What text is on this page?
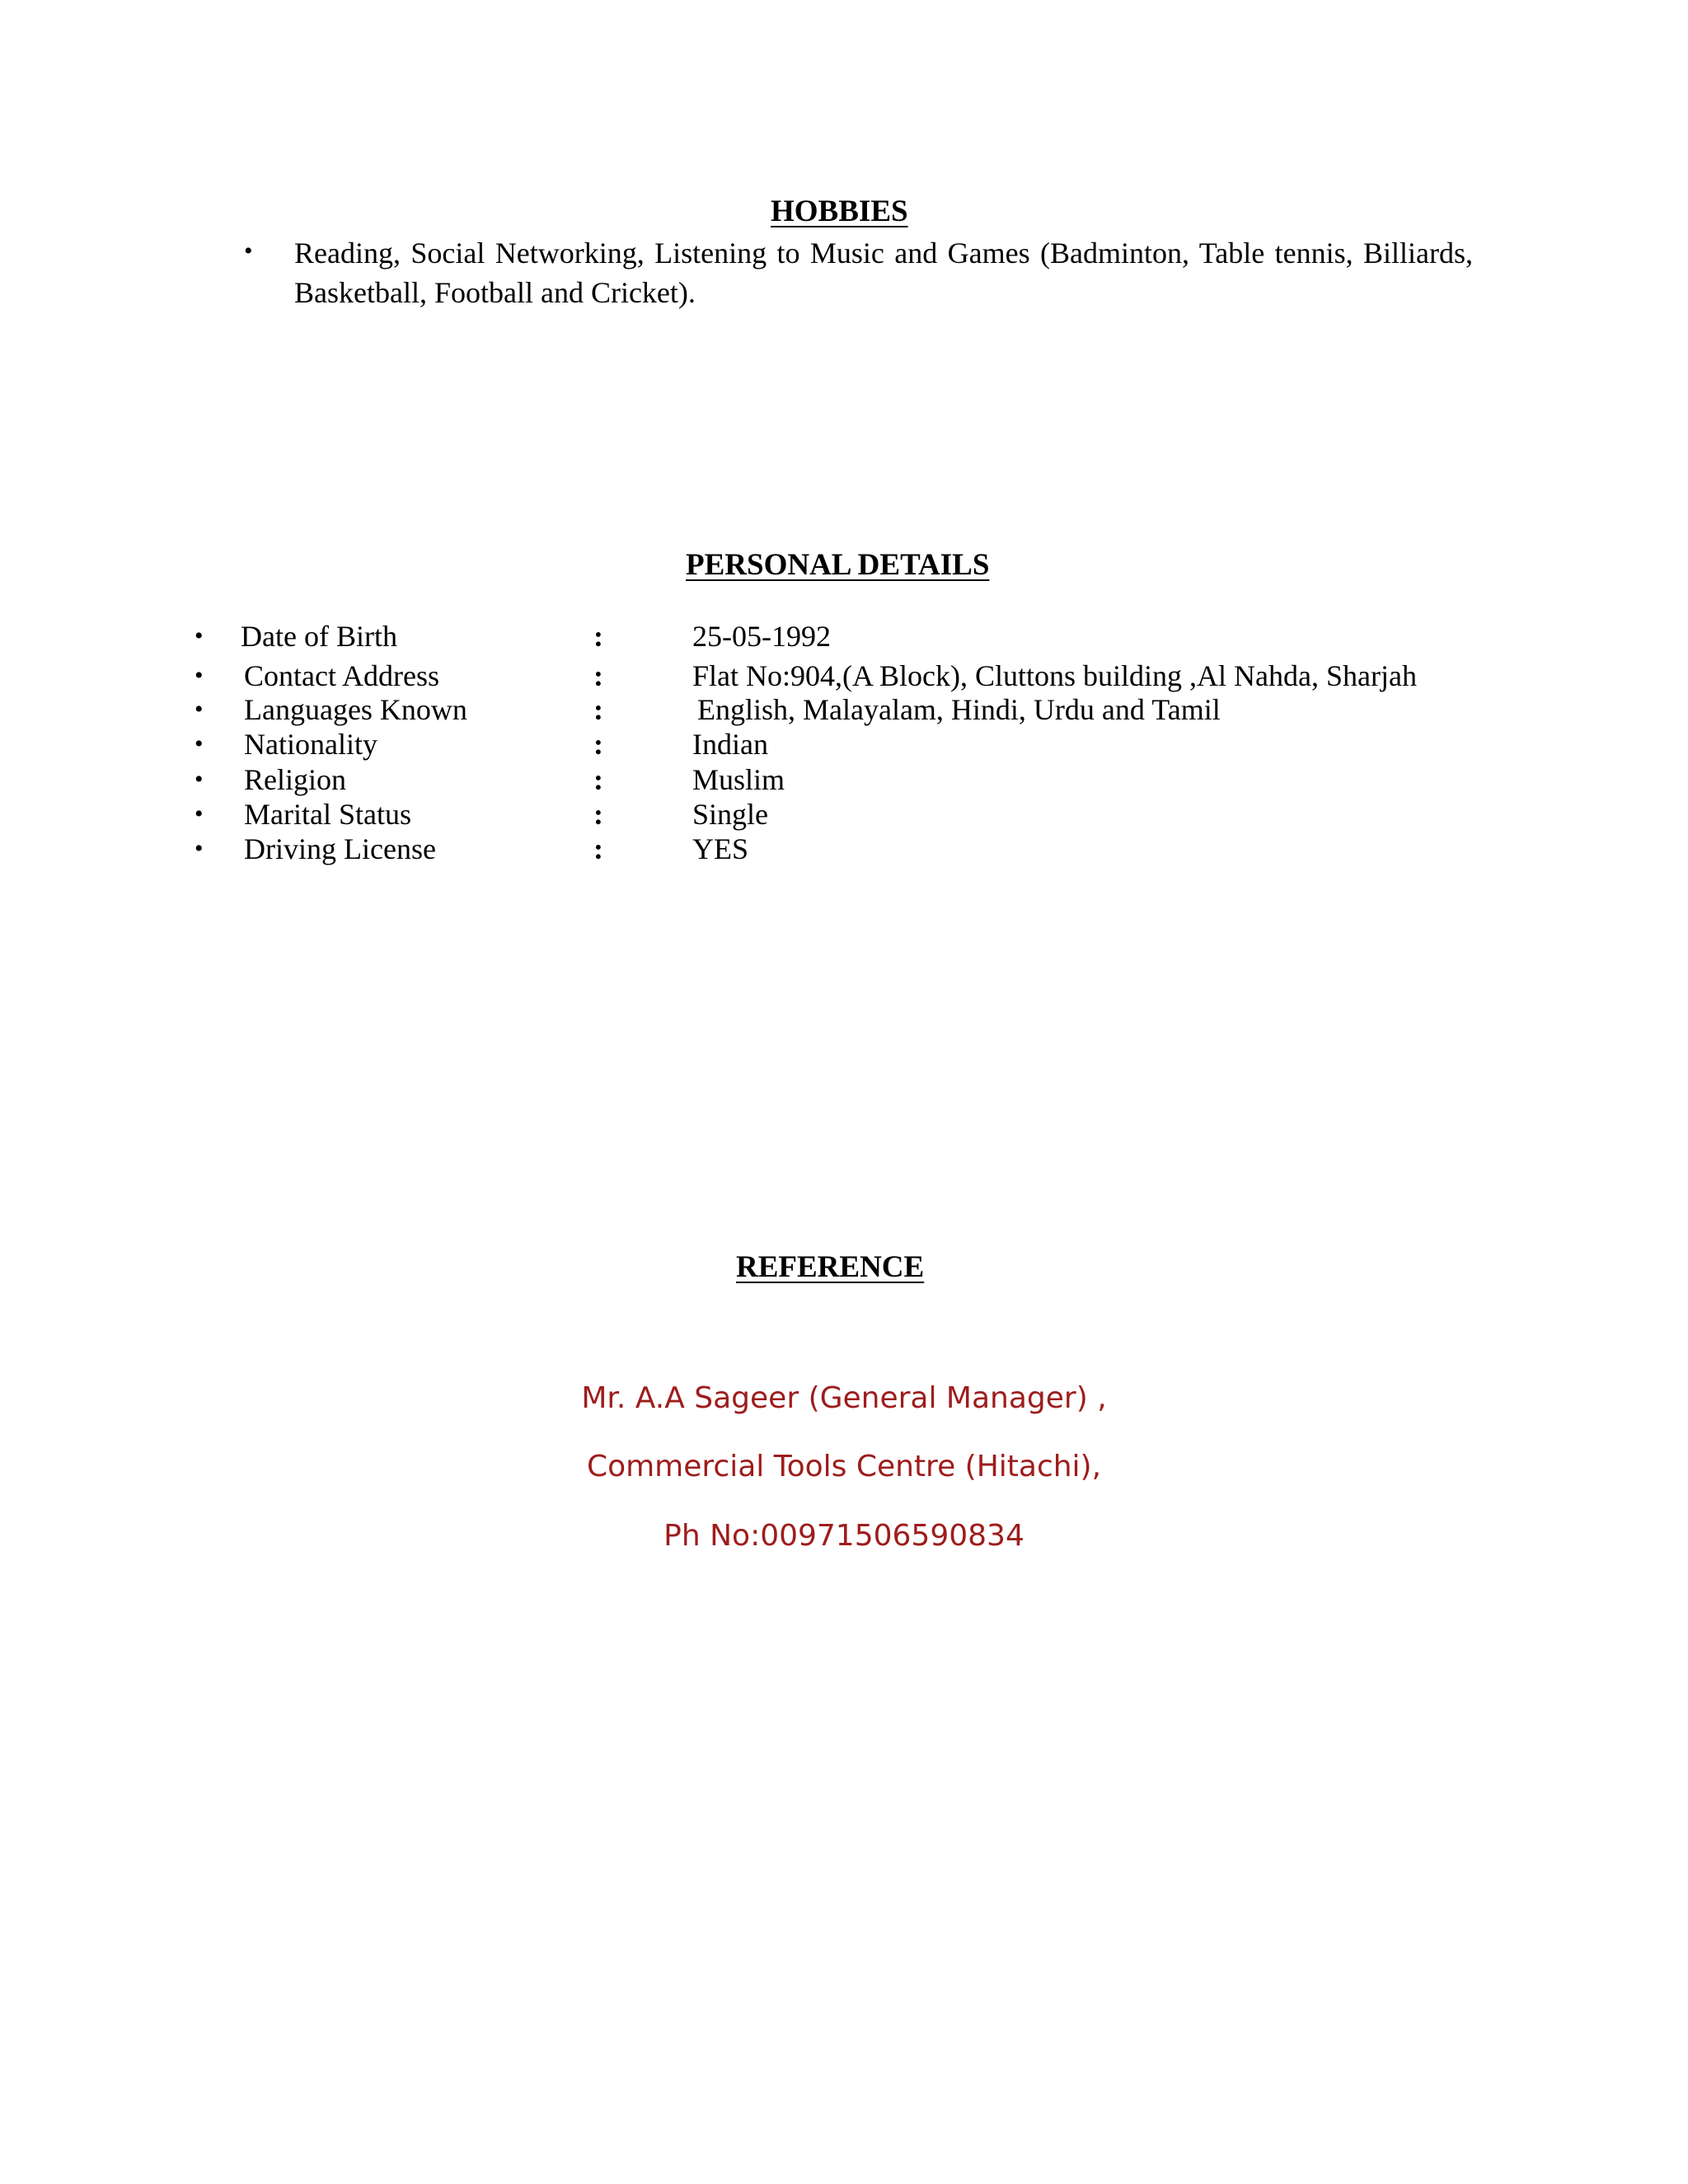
HOBBIES
• Reading, Social Networking, Listening to Music and Games (Badminton, Table tennis, Billiards, Basketball, Football and Cricket).
PERSONAL DETAILS
• Date of Birth	:	25-05-1992
• Contact Address	:	Flat No:904,(A Block), Cluttons building ,Al Nahda, Sharjah
• Languages Known	:	English, Malayalam, Hindi, Urdu and Tamil
• Nationality	:	Indian
• Religion	:	Muslim
• Marital Status	:	Single
• Driving License	:	YES
REFERENCE
Mr. A.A Sageer (General Manager) ,
Commercial Tools Centre (Hitachi),
Ph No:00971506590834
